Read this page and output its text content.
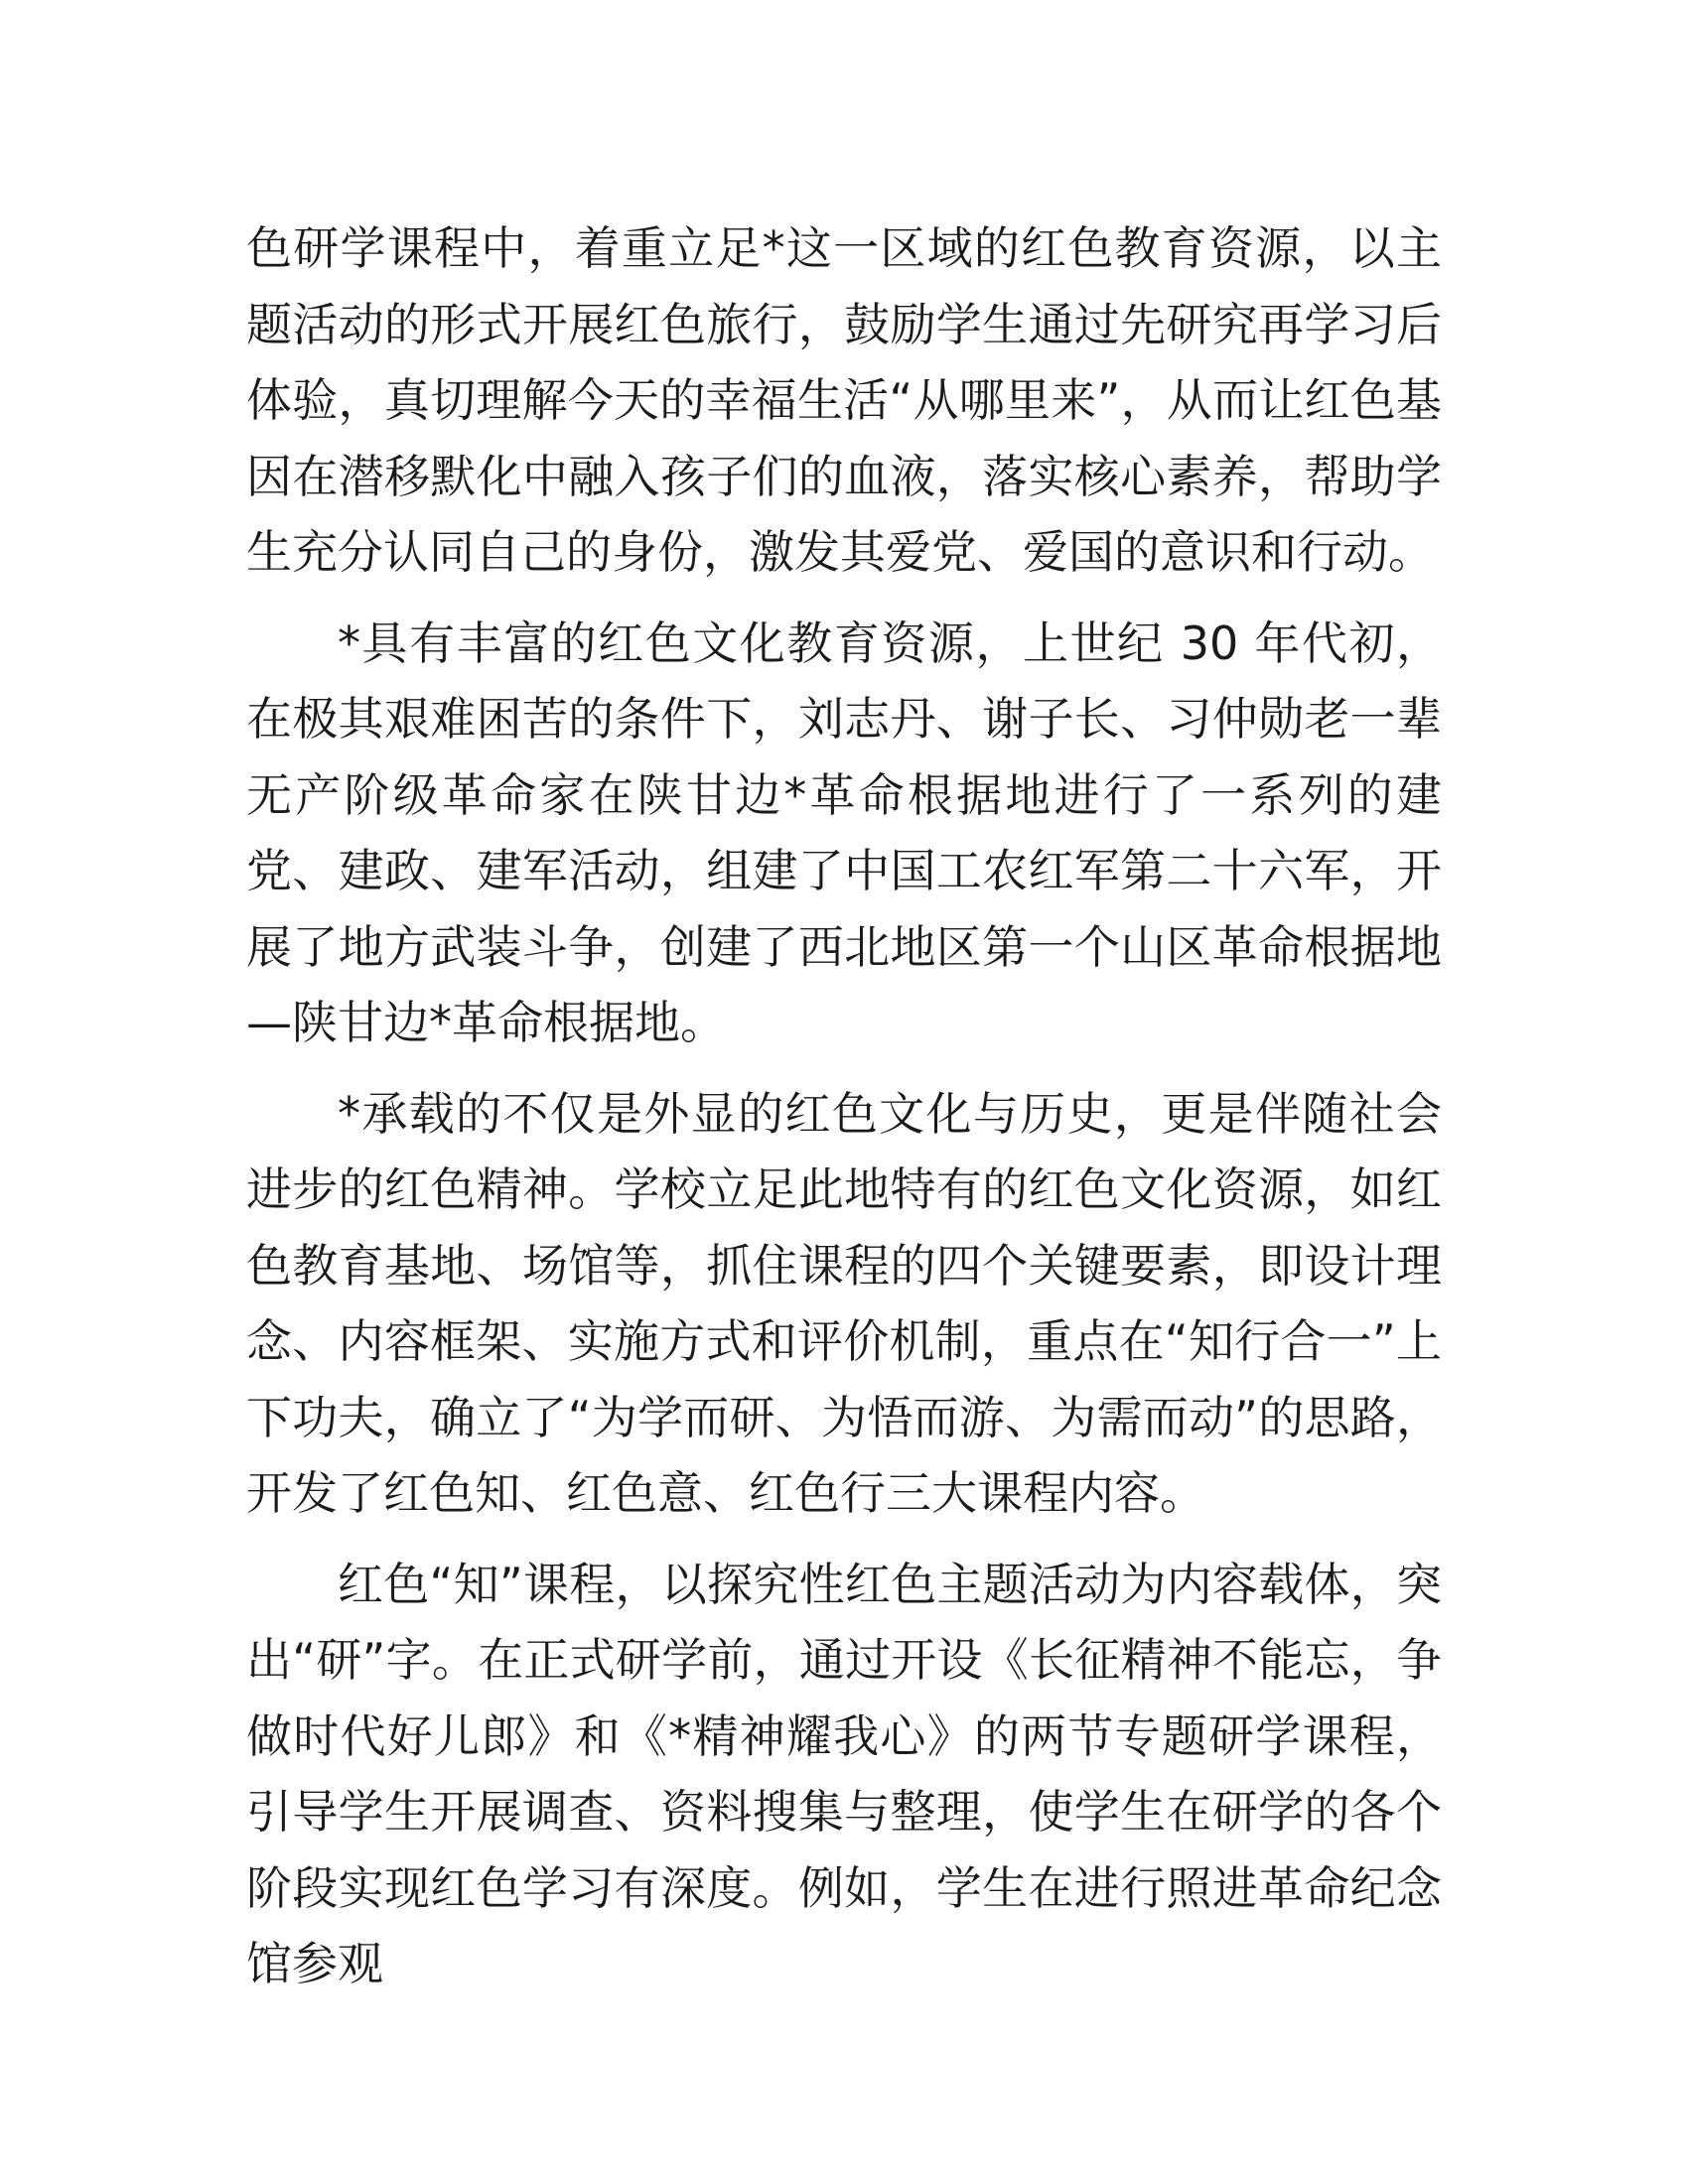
色研学课程中，着重立足*这一区域的红色教育资源，以主题活动的形式开展红色旅行，鼓励学生通过先研究再学习后体验，真切理解今天的幸福生活“从哪里来”，从而让红色基因在潜移默化中融入孩子们的血液，落实核心素养，帮助学生充分认同自己的身份，激发其爱党、爱国的意识和行动。

*具有丰富的红色文化教育资源，上世纪 30 年代初，在极其艰难困苦的条件下，刘志丹、谢子长、习仲勋老一辈无产阶级革命家在陕甘边*革命根据地进行了一系列的建党、建政、建军活动，组建了中国工农红军第二十六军，开展了地方武装斗争，创建了西北地区第一个山区革命根据地—陕甘边*革命根据地。

*承载的不仅是外显的红色文化与历史，更是伴随社会进步的红色精神。学校立足此地特有的红色文化资源，如红色教育基地、场馆等，抓住课程的四个关键要素，即设计理念、内容框架、实施方式和评价机制，重点在“知行合一”上下功夫，确立了“为学而研、为悟而游、为需而动”的思路，开发了红色知、红色意、红色行三大课程内容。

红色“知”课程，以探究性红色主题活动为内容载体，突出“研”字。在正式研学前，通过开设《长征精神不能忘，争做时代好儿郎》和《*精神耀我心》的两节专题研学课程，引导学生开展调查、资料搜集与整理，使学生在研学的各个阶段实现红色学习有深度。例如，学生在进行照进革命纪念馆参观
